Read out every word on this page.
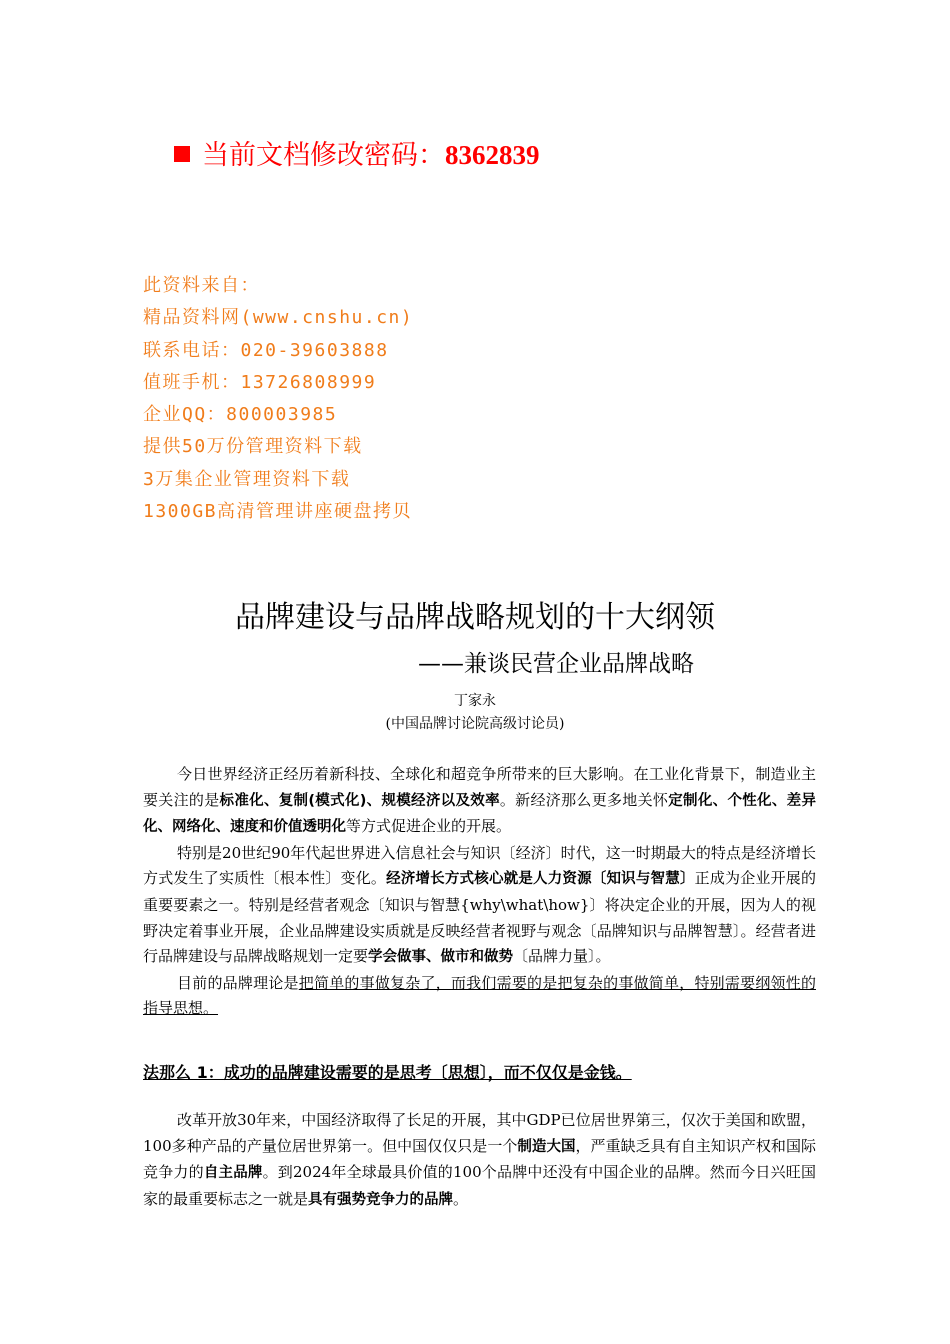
当前文档修改密码：8362839
此资料来自：
精品资料网(www.cnshu.cn)
联系电话：020-39603888
值班手机：13726808999
企业QQ：800003985
提供50万份管理资料下载
3万集企业管理资料下载
1300GB高清管理讲座硬盘拷贝
品牌建设与品牌战略规划的十大纲领
——兼谈民营企业品牌战略
丁家永
(中国品牌讨论院高级讨论员)

今日世界经济正经历着新科技、全球化和超竞争所带来的巨大影响。在工业化背景下，制造业主要关注的是标准化、复制(模式化)、规模经济以及效率。新经济那么更多地关怀定制化、个性化、差异化、网络化、速度和价值透明化等方式促进企业的开展。

特别是20世纪90年代起世界进入信息社会与知识〔经济〕时代，这一时期最大的特点是经济增长方式发生了实质性〔根本性〕变化。经济增长方式核心就是人力资源〔知识与智慧〕正成为企业开展的重要要素之一。特别是经营者观念〔知识与智慧{why\what\how}〕将决定企业的开展，因为人的视野决定着事业开展，企业品牌建设实质就是反映经营者视野与观念〔品牌知识与品牌智慧〕。经营者进行品牌建设与品牌战略规划一定要学会做事、做市和做势〔品牌力量〕。

目前的品牌理论是把简单的事做复杂了，而我们需要的是把复杂的事做简单，特别需要纲领性的指导思想。

法那么 1：成功的品牌建设需要的是思考〔思想〕，而不仅仅是金钱。

改革开放30年来，中国经济取得了长足的开展，其中GDP已位居世界第三，仅次于美国和欧盟，100多种产品的产量位居世界第一。但中国仅仅只是一个制造大国，严重缺乏具有自主知识产权和国际竞争力的自主品牌。到2024年全球最具价值的100个品牌中还没有中国企业的品牌。然而今日兴旺国家的最重要标志之一就是具有强势竞争力的品牌。
